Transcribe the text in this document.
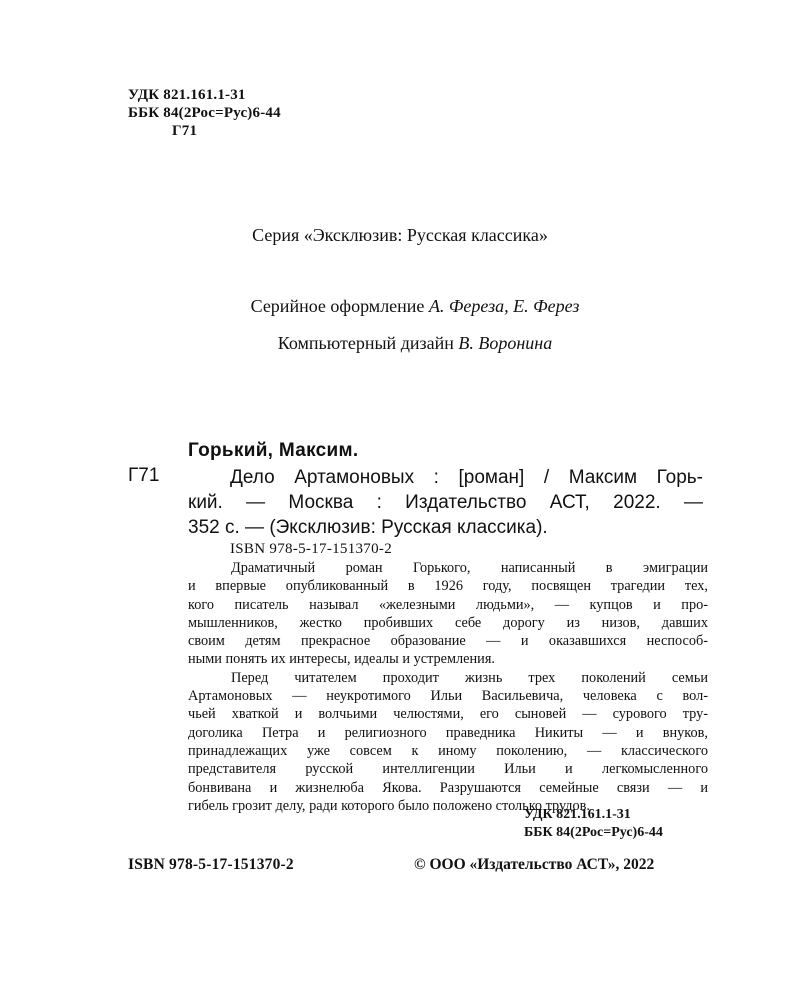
УДК 821.161.1-31
ББК 84(2Рос=Рус)6-44
Г71
Серия «Эксклюзив: Русская классика»
Серийное оформление А. Фереза, Е. Ферез
Компьютерный дизайн В. Воронина
Горький, Максим.
Г71	Дело Артамоновых : [роман] / Максим Горь-
кий. — Москва : Издательство АСТ, 2022. —
352 с. — (Эксклюзив: Русская классика).
ISBN 978-5-17-151370-2
Драматичный роман Горького, написанный в эмиграции
и впервые опубликованный в 1926 году, посвящен трагедии тех,
кого писатель называл «железными людьми», — купцов и про-
мышленников, жестко пробивших себе дорогу из низов, давших
своим детям прекрасное образование — и оказавшихся неспособ-
ными понять их интересы, идеалы и устремления.
Перед читателем проходит жизнь трех поколений семьи
Артамоновых — неукротимого Ильи Васильевича, человека с вол-
чьей хваткой и волчьими челюстями, его сыновей — сурового тру-
доголика Петра и религиозного праведника Никиты — и внуков,
принадлежащих уже совсем к иному поколению, — классического
представителя русской интеллигенции Ильи и легкомысленного
бонвивана и жизнелюба Якова. Разрушаются семейные связи — и
гибель грозит делу, ради которого было положено столько трудов.
УДК 821.161.1-31
ББК 84(2Рос=Рус)6-44
ISBN 978-5-17-151370-2	© ООО «Издательство АСТ», 2022
